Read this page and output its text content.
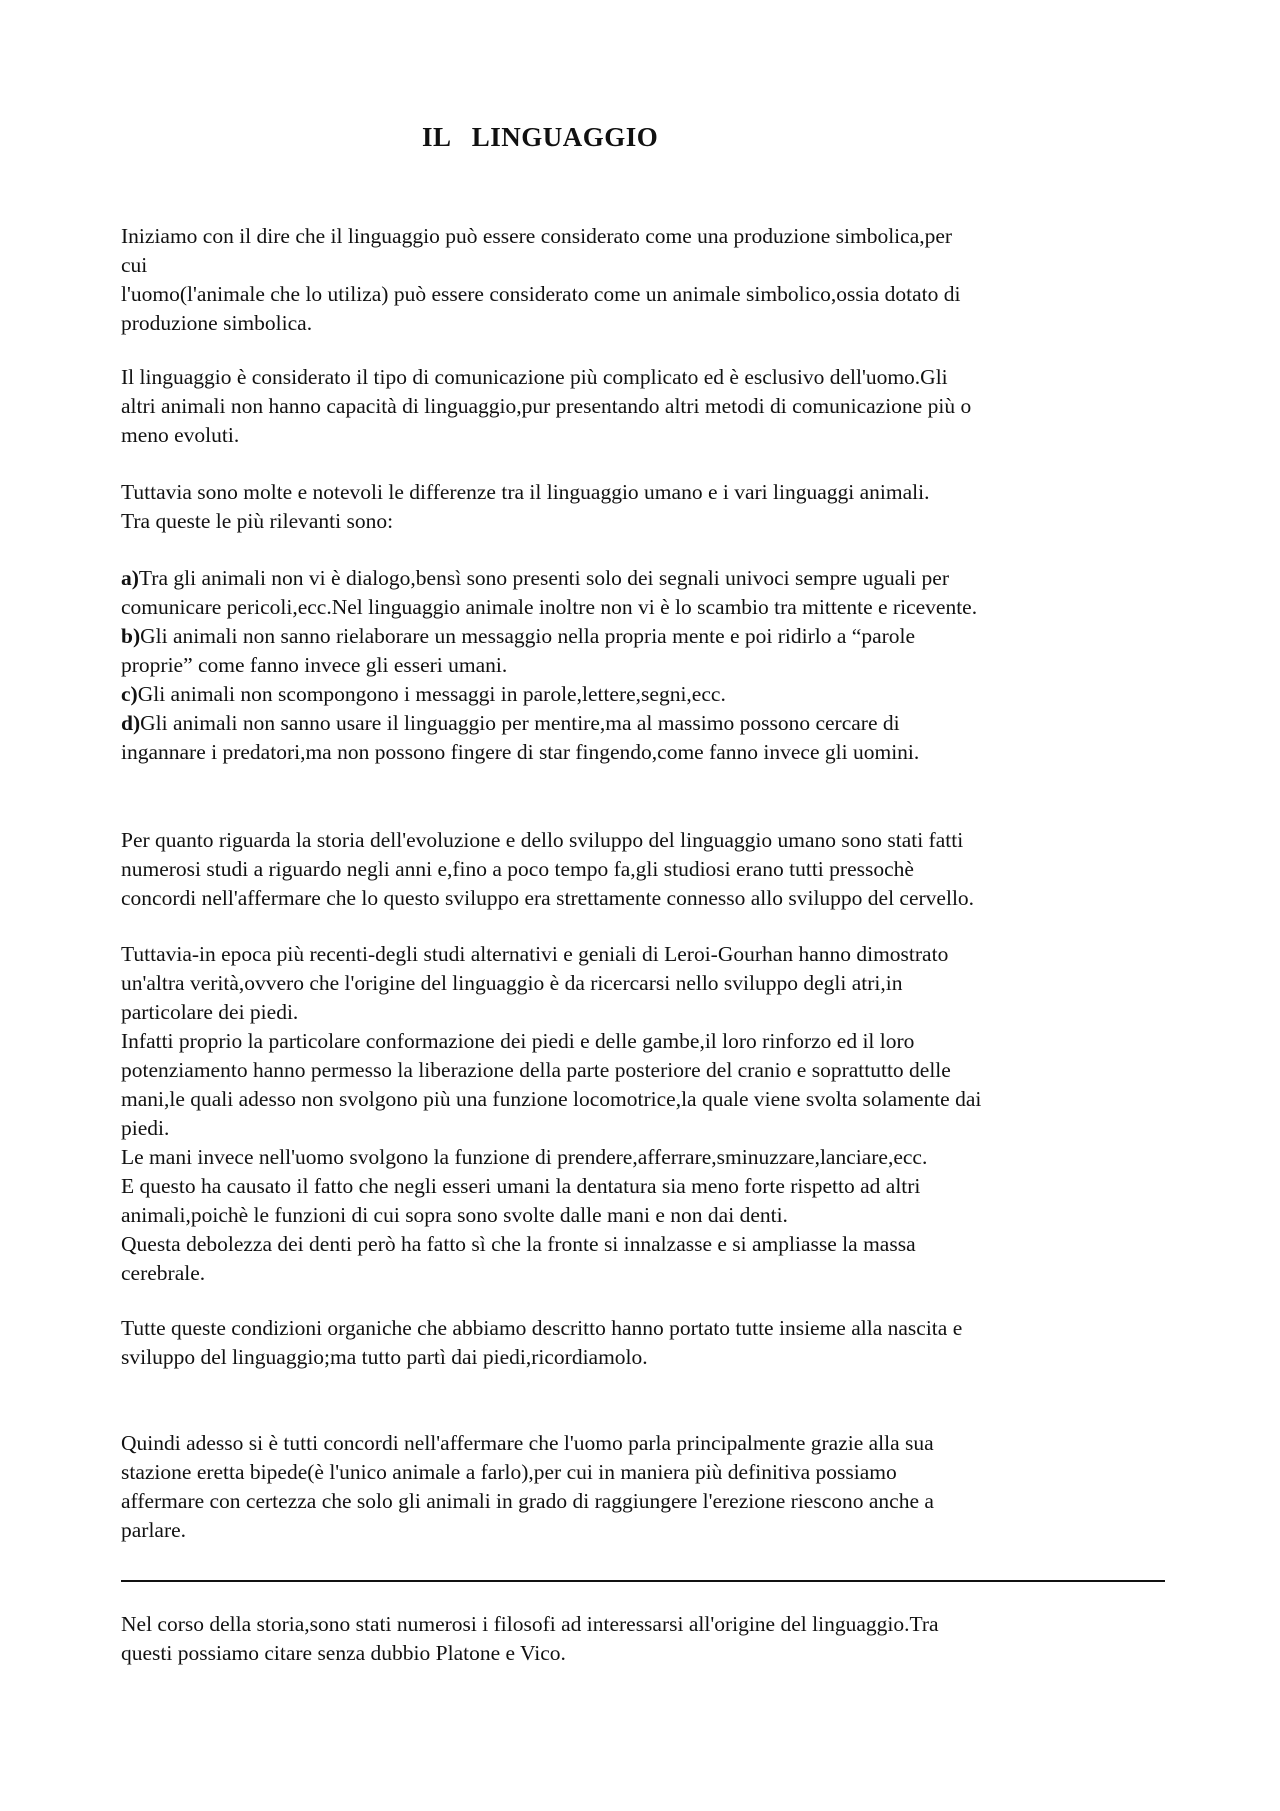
IL   LINGUAGGIO

Iniziamo con il dire che il linguaggio può essere considerato come una produzione simbolica,per
cui
l'uomo(l'animale che lo utiliza) può essere considerato come un animale simbolico,ossia dotato di
produzione simbolica.

Il linguaggio è considerato il tipo di comunicazione più complicato ed è esclusivo dell'uomo.Gli
altri animali non hanno capacità di linguaggio,pur presentando altri metodi di comunicazione più o
meno evoluti.

Tuttavia sono molte e notevoli le differenze tra il linguaggio umano e i vari linguaggi animali.
Tra queste le più rilevanti sono:

a)Tra gli animali non vi è dialogo,bensì sono presenti solo dei segnali univoci sempre uguali per
comunicare pericoli,ecc.Nel linguaggio animale inoltre non vi è lo scambio tra mittente e ricevente.
b)Gli animali non sanno rielaborare un messaggio nella propria mente e poi ridirlo a “parole
proprie” come fanno invece gli esseri umani.
c)Gli animali non scompongono i messaggi in parole,lettere,segni,ecc.
d)Gli animali non sanno usare il linguaggio per mentire,ma al massimo possono cercare di
ingannare i predatori,ma non possono fingere di star fingendo,come fanno invece gli uomini.

Per quanto riguarda la storia dell'evoluzione e dello sviluppo del linguaggio umano sono stati fatti
numerosi studi a riguardo negli anni e,fino a poco tempo fa,gli studiosi erano tutti pressochè
concordi nell'affermare che lo questo sviluppo era strettamente connesso allo sviluppo del cervello.

Tuttavia-in epoca più recenti-degli studi alternativi e geniali di Leroi-Gourhan hanno dimostrato
un'altra verità,ovvero che l'origine del linguaggio è da ricercarsi nello sviluppo degli atri,in
particolare dei piedi.
Infatti proprio la particolare conformazione dei piedi e delle gambe,il loro rinforzo ed il loro
potenziamento hanno permesso la liberazione della parte posteriore del cranio e soprattutto delle
mani,le quali adesso non svolgono più una funzione locomotrice,la quale viene svolta solamente dai
piedi.
Le mani invece nell'uomo svolgono la funzione di prendere,afferrare,sminuzzare,lanciare,ecc.
E questo ha causato il fatto che negli esseri umani la dentatura sia meno forte rispetto ad altri
animali,poichè le funzioni di cui sopra sono svolte dalle mani e non dai denti.
Questa debolezza dei denti però ha fatto sì che la fronte si innalzasse e si ampliasse la massa
cerebrale.

Tutte queste condizioni organiche che abbiamo descritto hanno portato tutte insieme alla nascita e
sviluppo del linguaggio;ma tutto partì dai piedi,ricordiamolo.

Quindi adesso si è tutti concordi nell'affermare che l'uomo parla principalmente grazie alla sua
stazione eretta bipede(è l'unico animale a farlo),per cui in maniera più definitiva possiamo
affermare con certezza che solo gli animali in grado di raggiungere l'erezione riescono anche a
parlare.

Nel corso della storia,sono stati numerosi i filosofi ad interessarsi all'origine del linguaggio.Tra
questi possiamo citare senza dubbio Platone e Vico.
